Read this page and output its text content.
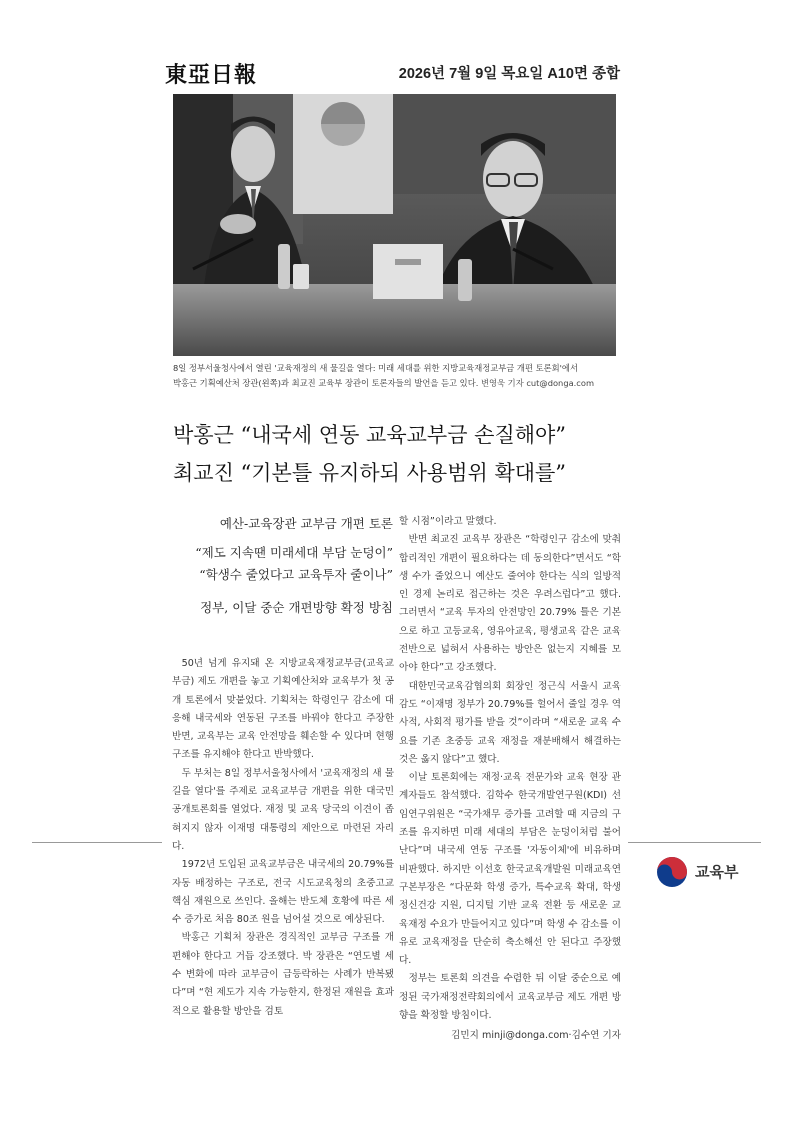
東亞日報	2026년 7월 9일 목요일 A10면 종합
8일 정부서울청사에서 열린 '교육재정의 새 물길을 열다: 미래 세대를 위한 지방교육재정교부금 개편 토론회'에서
박홍근 기획예산처 장관(왼쪽)과 최교진 교육부 장관이 토론자들의 발언을 듣고 있다. 변영욱 기자 cut@donga.com
박홍근 “내국세 연동 교육교부금 손질해야”
최교진 “기본틀 유지하되 사용범위 확대를”

예산-교육장관 교부금 개편 토론

“제도 지속땐 미래세대 부담 눈덩이”

“학생수 줄었다고 교육투자 줄이나”

정부, 이달 중순 개편방향 확정 방침

50년 넘게 유지돼 온 지방교육재정교부금(교육교부금) 제도 개편을 놓고 기획예산처와 교육부가 첫 공개 토론에서 맞붙었다. 기획처는 학령인구 감소에 대응해 내국세와 연동된 구조를 바꿔야 한다고 주장한 반면, 교육부는 교육 안전망을 훼손할 수 있다며 현행 구조를 유지해야 한다고 반박했다.

두 부처는 8일 정부서울청사에서 '교육재정의 새 물길을 열다'를 주제로 교육교부금 개편을 위한 대국민 공개토론회를 열었다. 재정 및 교육 당국의 이견이 좁혀지지 않자 이재명 대통령의 제안으로 마련된 자리다.

1972년 도입된 교육교부금은 내국세의 20.79%를 자동 배정하는 구조로, 전국 시도교육청의 초중고교 핵심 재원으로 쓰인다. 올해는 반도체 호황에 따른 세수 증가로 처음 80조 원을 넘어설 것으로 예상된다.

박홍근 기획처 장관은 경직적인 교부금 구조를 개편해야 한다고 거듭 강조했다. 박 장관은 “연도별 세수 변화에 따라 교부금이 급등락하는 사례가 반복됐다”며 “현 제도가 지속 가능한지, 한정된 재원을 효과적으로 활용할 방안을 검토

할 시점”이라고 말했다.

반면 최교진 교육부 장관은 “학령인구 감소에 맞춰 합리적인 개편이 필요하다는 데 동의한다”면서도 “학생 수가 줄었으니 예산도 줄여야 한다는 식의 일방적인 경제 논리로 접근하는 것은 우려스럽다”고 했다. 그러면서 “교육 투자의 안전망인 20.79% 틀은 기본으로 하고 고등교육, 영유아교육, 평생교육 같은 교육 전반으로 넓혀서 사용하는 방안은 없는지 지혜를 모아야 한다”고 강조했다.

대한민국교육감협의회 회장인 정근식 서울시 교육감도 “이재명 정부가 20.79%를 헐어서 줄일 경우 역사적, 사회적 평가를 받을 것”이라며 “새로운 교육 수요를 기존 초중등 교육 재정을 재분배해서 해결하는 것은 옳지 않다”고 했다.

이날 토론회에는 재정·교육 전문가와 교육 현장 관계자들도 참석했다. 김학수 한국개발연구원(KDI) 선임연구위원은 “국가채무 증가를 고려할 때 지금의 구조를 유지하면 미래 세대의 부담은 눈덩이처럼 불어난다”며 내국세 연동 구조를 '자동이체'에 비유하며 비판했다. 하지만 이선호 한국교육개발원 미래교육연구본부장은 “다문화 학생 증가, 특수교육 확대, 학생 정신건강 지원, 디지털 기반 교육 전환 등 새로운 교육재정 수요가 만들어지고 있다”며 학생 수 감소를 이유로 교육재정을 단순히 축소해선 안 된다고 주장했다.

정부는 토론회 의견을 수렴한 뒤 이달 중순으로 예정된 국가재정전략회의에서 교육교부금 제도 개편 방향을 확정할 방침이다.

김민지 minji@donga.com·김수연 기자

교육부
